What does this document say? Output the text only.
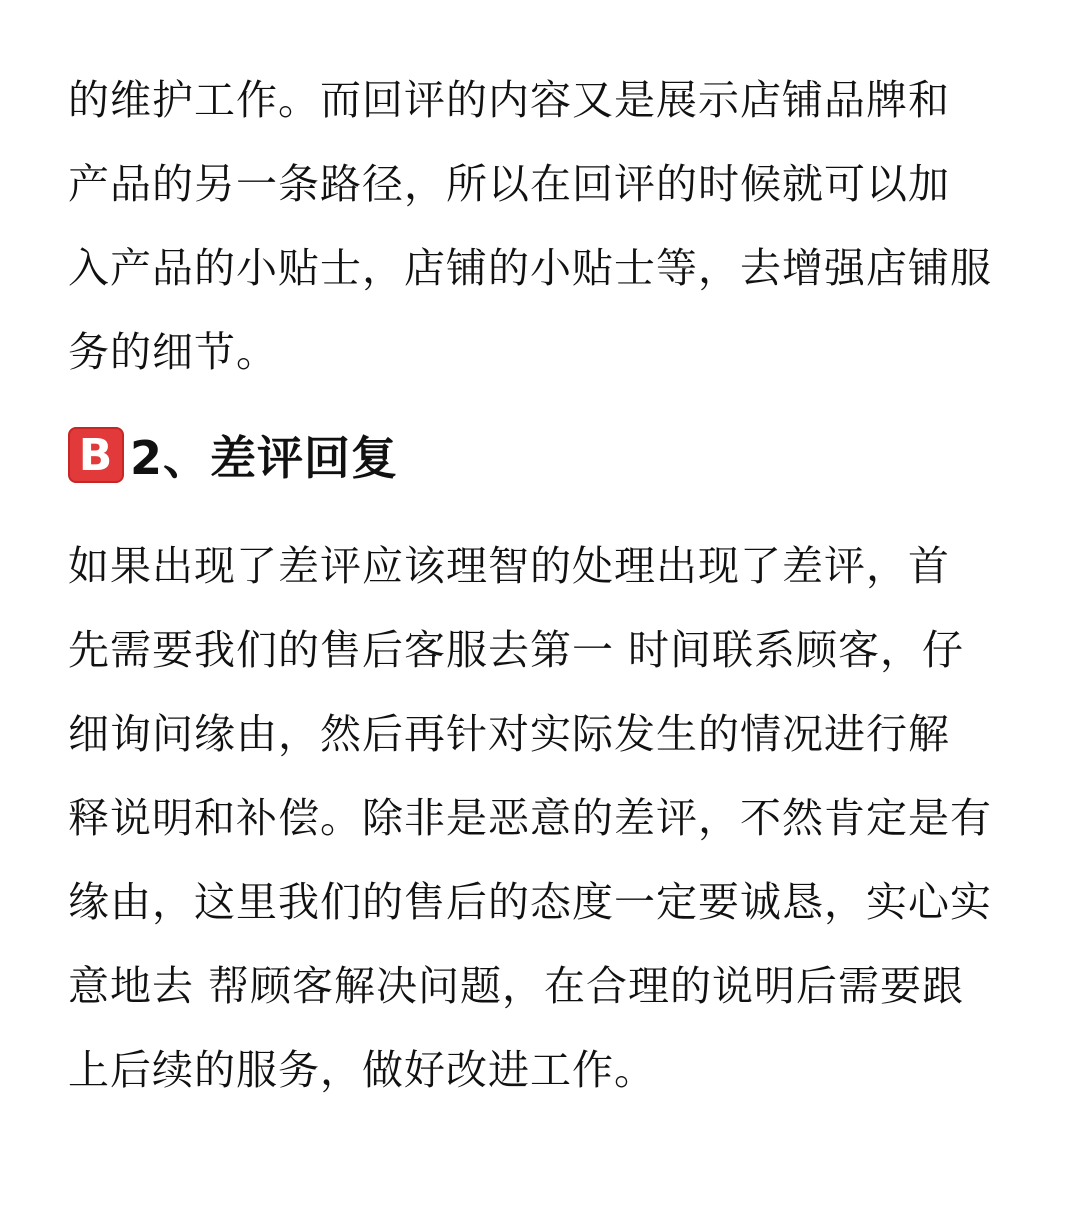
的维护工作。而回评的内容又是展示店铺品牌和
产品的另一条路径，所以在回评的时候就可以加
入产品的小贴士，店铺的小贴士等，去增强店铺服
务的细节。
B 2、差评回复
如果出现了差评应该理智的处理出现了差评，首
先需要我们的售后客服去第一 时间联系顾客，仔
细询问缘由，然后再针对实际发生的情况进行解
释说明和补偿。除非是恶意的差评，不然肯定是有
缘由，这里我们的售后的态度一定要诚恳，实心实
意地去 帮顾客解决问题，在合理的说明后需要跟
上后续的服务，做好改进工作。
